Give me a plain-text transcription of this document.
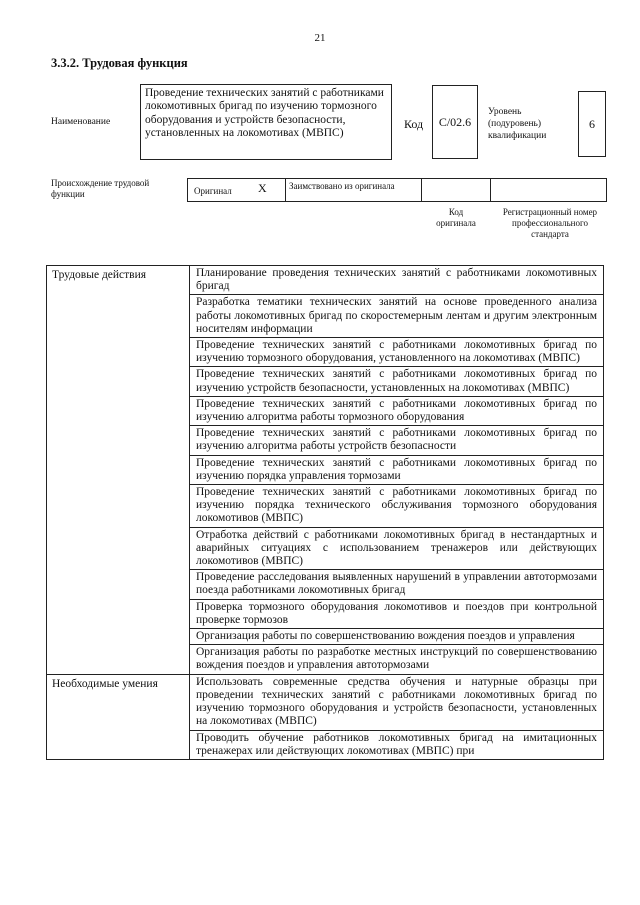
21
3.3.2. Трудовая функция
Наименование
Проведение технических занятий с работниками локомотивных бригад по изучению тормозного оборудования и устройств безопасности, установленных на локомотивах (МВПС)
Код	C/02.6
Уровень (подуровень) квалификации
6
Происхождение трудовой функции	Оригинал X	Заимствовано из оригинала
Код оригинала
Регистрационный номер профессионального стандарта
Трудовые действия	Планирование проведения технических занятий с работниками локомотивных бригад
	Разработка тематики технических занятий на основе проведенного анализа работы локомотивных бригад по скоростемерным лентам и другим электронным носителям информации
	Проведение технических занятий с работниками локомотивных бригад по изучению тормозного оборудования, установленного на локомотивах (МВПС)
	Проведение технических занятий с работниками локомотивных бригад по изучению устройств безопасности, установленных на локомотивах (МВПС)
	Проведение технических занятий с работниками локомотивных бригад по изучению алгоритма работы тормозного оборудования
	Проведение технических занятий с работниками локомотивных бригад по изучению алгоритма работы устройств безопасности
	Проведение технических занятий с работниками локомотивных бригад по изучению порядка управления тормозами
	Проведение технических занятий с работниками локомотивных бригад по изучению порядка технического обслуживания тормозного оборудования локомотивов (МВПС)
	Отработка действий с работниками локомотивных бригад в нестандартных и аварийных ситуациях с использованием тренажеров или действующих локомотивов (МВПС)
	Проведение расследования выявленных нарушений в управлении автотормозами поезда работниками локомотивных бригад
	Проверка тормозного оборудования локомотивов и поездов при контрольной проверке тормозов
	Организация работы по совершенствованию вождения поездов и управления
	Организация работы по разработке местных инструкций по совершенствованию вождения поездов и управления автотормозами
Необходимые умения	Использовать современные средства обучения и натурные образцы при проведении технических занятий с работниками локомотивных бригад по изучению тормозного оборудования и устройств безопасности, установленных на локомотивах (МВПС)
	Проводить обучение работников локомотивных бригад на имитационных тренажерах или действующих локомотивах (МВПС) при
